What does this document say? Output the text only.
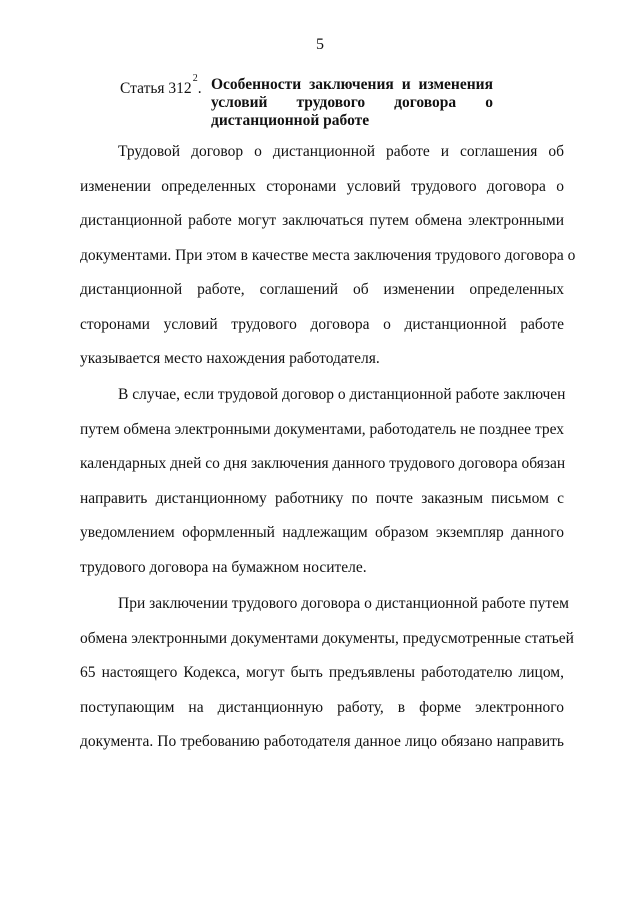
5
Статья $312^2$. Особенности заключения и изменения
условий трудового договора о
дистанционной работе
Трудовой договор о дистанционной работе и соглашения об
изменении определенных сторонами условий трудового договора о
дистанционной работе могут заключаться путем обмена электронными
документами. При этом в качестве места заключения трудового договора о
дистанционной работе, соглашений об изменении определенных
сторонами условий трудового договора о дистанционной работе
указывается место нахождения работодателя.
В случае, если трудовой договор о дистанционной работе заключен
путем обмена электронными документами, работодатель не позднее трех
календарных дней со дня заключения данного трудового договора обязан
направить дистанционному работнику по почте заказным письмом с
уведомлением оформленный надлежащим образом экземпляр данного
трудового договора на бумажном носителе.
При заключении трудового договора о дистанционной работе путем
обмена электронными документами документы, предусмотренные статьей
65 настоящего Кодекса, могут быть предъявлены работодателю лицом,
поступающим на дистанционную работу, в форме электронного
документа. По требованию работодателя данное лицо обязано направить
